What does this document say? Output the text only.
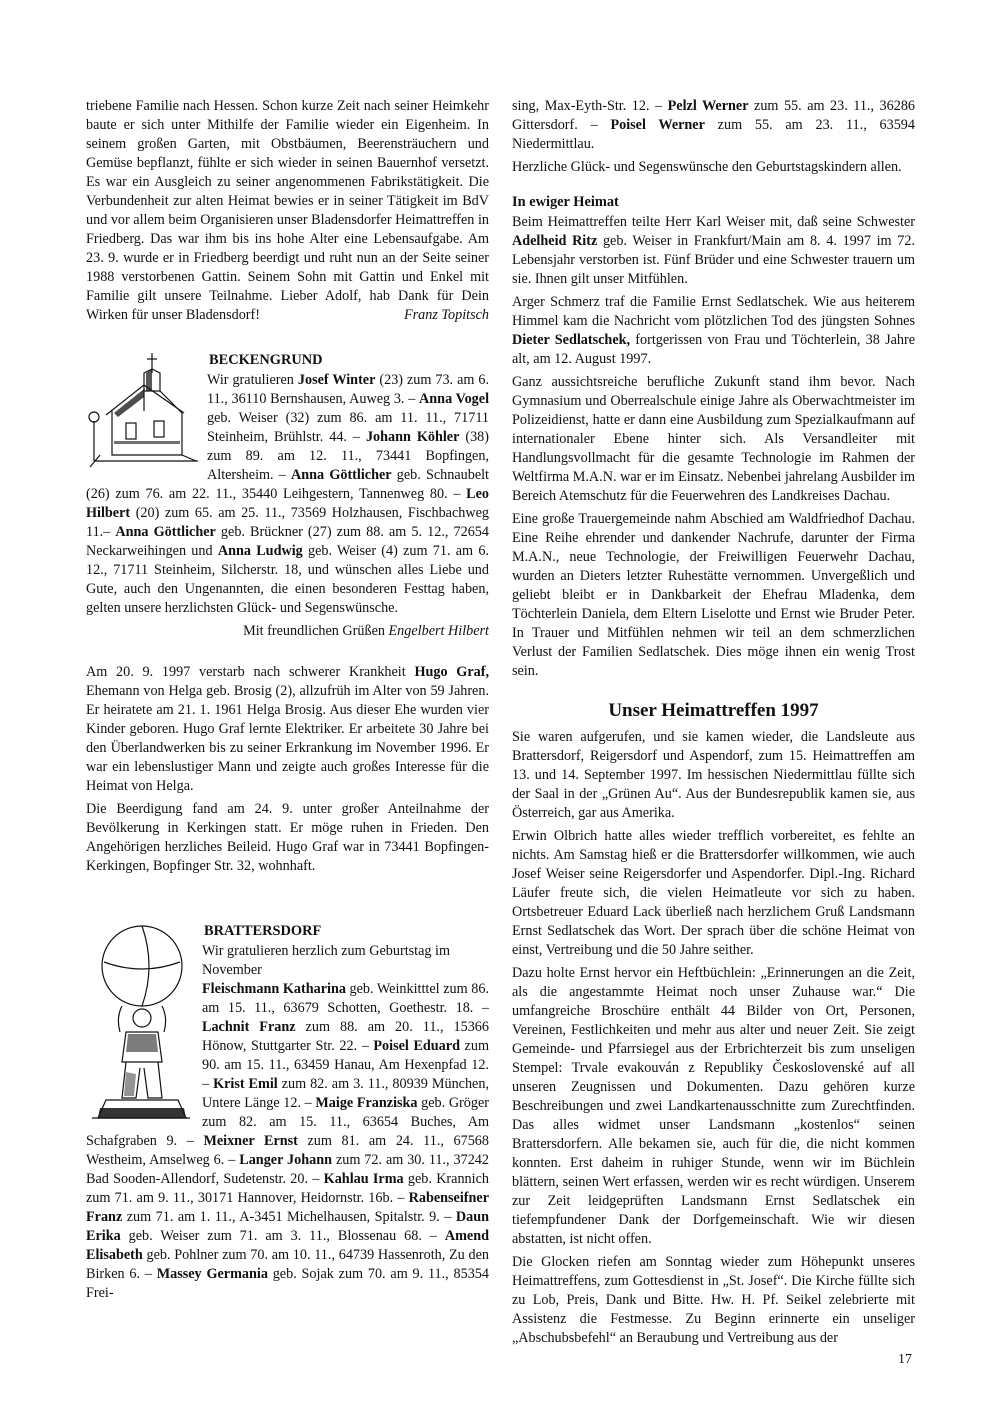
triebene Familie nach Hessen. Schon kurze Zeit nach seiner Heimkehr baute er sich unter Mithilfe der Familie wieder ein Eigenheim. In seinem großen Garten, mit Obstbäumen, Beerensträuchern und Gemüse bepflanzt, fühlte er sich wieder in seinen Bauernhof versetzt. Es war ein Ausgleich zu seiner angenommenen Fabrikstätigkeit. Die Verbundenheit zur alten Heimat bewies er in seiner Tätigkeit im BdV und vor allem beim Organisieren unser Bladensdorfer Heimattreffen in Friedberg. Das war ihm bis ins hohe Alter eine Lebensaufgabe. Am 23. 9. wurde er in Friedberg beerdigt und ruht nun an der Seite seiner 1988 verstorbenen Gattin. Seinem Sohn mit Gattin und Enkel mit Familie gilt unsere Teilnahme. Lieber Adolf, hab Dank für Dein Wirken für unser Bladensdorf!	Franz Topitsch

BECKENGRUND

Wir gratulieren Josef Winter (23) zum 73. am 6. 11., 36110 Bernshausen, Auweg 3. – Anna Vogel geb. Weiser (32) zum 86. am 11. 11., 71711 Steinheim, Brühlstr. 44. – Johann Köhler (38) zum 89. am 12. 11., 73441 Bopfingen, Altersheim. – Anna Göttlicher geb. Schnaubelt (26) zum 76. am 22. 11., 35440 Leihgestern, Tannenweg 80. – Leo Hilbert (20) zum 65. am 25. 11., 73569 Holzhausen, Fischbachweg 11.– Anna Göttlicher geb. Brückner (27) zum 88. am 5. 12., 72654 Neckarweihingen und Anna Ludwig geb. Weiser (4) zum 71. am 6. 12., 71711 Steinheim, Silcherstr. 18, und wünschen alles Liebe und Gute, auch den Ungenannten, die einen besonderen Festtag haben, gelten unsere herzlichsten Glück- und Segenswünsche.

Mit freundlichen Grüßen Engelbert Hilbert

Am 20. 9. 1997 verstarb nach schwerer Krankheit Hugo Graf, Ehemann von Helga geb. Brosig (2), allzufrüh im Alter von 59 Jahren. Er heiratete am 21. 1. 1961 Helga Brosig. Aus dieser Ehe wurden vier Kinder geboren. Hugo Graf lernte Elektriker. Er arbeitete 30 Jahre bei den Überlandwerken bis zu seiner Erkrankung im November 1996. Er war ein lebenslustiger Mann und zeigte auch großes Interesse für die Heimat von Helga.

Die Beerdigung fand am 24. 9. unter großer Anteilnahme der Bevölkerung in Kerkingen statt. Er möge ruhen in Frieden. Den Angehörigen herzliches Beileid. Hugo Graf war in 73441 Bopfingen-Kerkingen, Bopfinger Str. 32, wohnhaft.

BRATTERSDORF

Wir gratulieren herzlich zum Geburtstag im November

Fleischmann Katharina geb. Weinkitttel zum 86. am 15. 11., 63679 Schotten, Goethestr. 18. – Lachnit Franz zum 88. am 20. 11., 15366 Hönow, Stuttgarter Str. 22. – Poisel Eduard zum 90. am 15. 11., 63459 Hanau, Am Hexenpfad 12. – Krist Emil zum 82. am 3. 11., 80939 München, Untere Länge 12. – Maige Franziska geb. Gröger zum 82. am 15. 11., 63654 Buches, Am Schafgraben 9. – Meixner Ernst zum 81. am 24. 11., 67568 Westheim, Amselweg 6. – Langer Johann zum 72. am 30. 11., 37242 Bad Sooden-Allendorf, Sudetenstr. 20. – Kahlau Irma geb. Krannich zum 71. am 9. 11., 30171 Hannover, Heidornstr. 16b. – Rabenseifner Franz zum 71. am 1. 11., A-3451 Michelhausen, Spitalstr. 9. – Daun Erika geb. Weiser zum 71. am 3. 11., Blossenau 68. – Amend Elisabeth geb. Pohlner zum 70. am 10. 11., 64739 Hassenroth, Zu den Birken 6. – Massey Germania geb. Sojak zum 70. am 9. 11., 85354 Frei-

sing, Max-Eyth-Str. 12. – Pelzl Werner zum 55. am 23. 11., 36286 Gittersdorf. – Poisel Werner zum 55. am 23. 11., 63594 Niedermittlau.

Herzliche Glück- und Segenswünsche den Geburtstagskindern allen.

In ewiger Heimat

Beim Heimattreffen teilte Herr Karl Weiser mit, daß seine Schwester Adelheid Ritz geb. Weiser in Frankfurt/Main am 8. 4. 1997 im 72. Lebensjahr verstorben ist. Fünf Brüder und eine Schwester trauern um sie. Ihnen gilt unser Mitfühlen.

Arger Schmerz traf die Familie Ernst Sedlatschek. Wie aus heiterem Himmel kam die Nachricht vom plötzlichen Tod des jüngsten Sohnes Dieter Sedlatschek, fortgerissen von Frau und Töchterlein, 38 Jahre alt, am 12. August 1997.

Ganz aussichtsreiche berufliche Zukunft stand ihm bevor. Nach Gymnasium und Oberrealschule einige Jahre als Oberwachtmeister im Polizeidienst, hatte er dann eine Ausbildung zum Spezialkaufmann auf internationaler Ebene hinter sich. Als Versandleiter mit Handlungsvollmacht für die gesamte Technologie im Rahmen der Weltfirma M.A.N. war er im Einsatz. Nebenbei jahrelang Ausbilder im Bereich Atemschutz für die Feuerwehren des Landkreises Dachau.

Eine große Trauergemeinde nahm Abschied am Waldfriedhof Dachau. Eine Reihe ehrender und dankender Nachrufe, darunter der Firma M.A.N., neue Technologie, der Freiwilligen Feuerwehr Dachau, wurden an Dieters letzter Ruhestätte vernommen. Unvergeßlich und geliebt bleibt er in Dankbarkeit der Ehefrau Mladenka, dem Töchterlein Daniela, dem Eltern Liselotte und Ernst wie Bruder Peter. In Trauer und Mitfühlen nehmen wir teil an dem schmerzlichen Verlust der Familien Sedlatschek. Dies möge ihnen ein wenig Trost sein.

Unser Heimattreffen 1997

Sie waren aufgerufen, und sie kamen wieder, die Landsleute aus Brattersdorf, Reigersdorf und Aspendorf, zum 15. Heimattreffen am 13. und 14. September 1997. Im hessischen Niedermittlau füllte sich der Saal in der „Grünen Au“. Aus der Bundesrepublik kamen sie, aus Österreich, gar aus Amerika.

Erwin Olbrich hatte alles wieder trefflich vorbereitet, es fehlte an nichts. Am Samstag hieß er die Brattersdorfer willkommen, wie auch Josef Weiser seine Reigersdorfer und Aspendorfer. Dipl.-Ing. Richard Läufer freute sich, die vielen Heimatleute vor sich zu haben. Ortsbetreuer Eduard Lack überließ nach herzlichem Gruß Landsmann Ernst Sedlatschek das Wort. Der sprach über die schöne Heimat von einst, Vertreibung und die 50 Jahre seither.

Dazu holte Ernst hervor ein Heftbüchlein: „Erinnerungen an die Zeit, als die angestammte Heimat noch unser Zuhause war.“ Die umfangreiche Broschüre enthält 44 Bilder von Ort, Personen, Vereinen, Festlichkeiten und mehr aus alter und neuer Zeit. Sie zeigt Gemeinde- und Pfarrsiegel aus der Erbrichterzeit bis zum unseligen Stempel: Trvale evakouván z Republiky Československé auf all unseren Zeugnissen und Dokumenten. Dazu gehören kurze Beschreibungen und zwei Landkartenausschnitte zum Zurechtfinden. Das alles widmet unser Landsmann „kostenlos“ seinen Brattersdorfern. Alle bekamen sie, auch für die, die nicht kommen konnten. Erst daheim in ruhiger Stunde, wenn wir im Büchlein blättern, seinen Wert erfassen, werden wir es recht würdigen. Unserem zur Zeit leidgeprüften Landsmann Ernst Sedlatschek ein tiefempfundener Dank der Dorfgemeinschaft. Wie wir diesen abstatten, ist nicht offen.

Die Glocken riefen am Sonntag wieder zum Höhepunkt unseres Heimattreffens, zum Gottesdienst in „St. Josef“. Die Kirche füllte sich zu Lob, Preis, Dank und Bitte. Hw. H. Pf. Seikel zelebrierte mit Assistenz die Festmesse. Zu Beginn erinnerte ein unseliger „Abschubsbefehl“ an Beraubung und Vertreibung aus der

17
